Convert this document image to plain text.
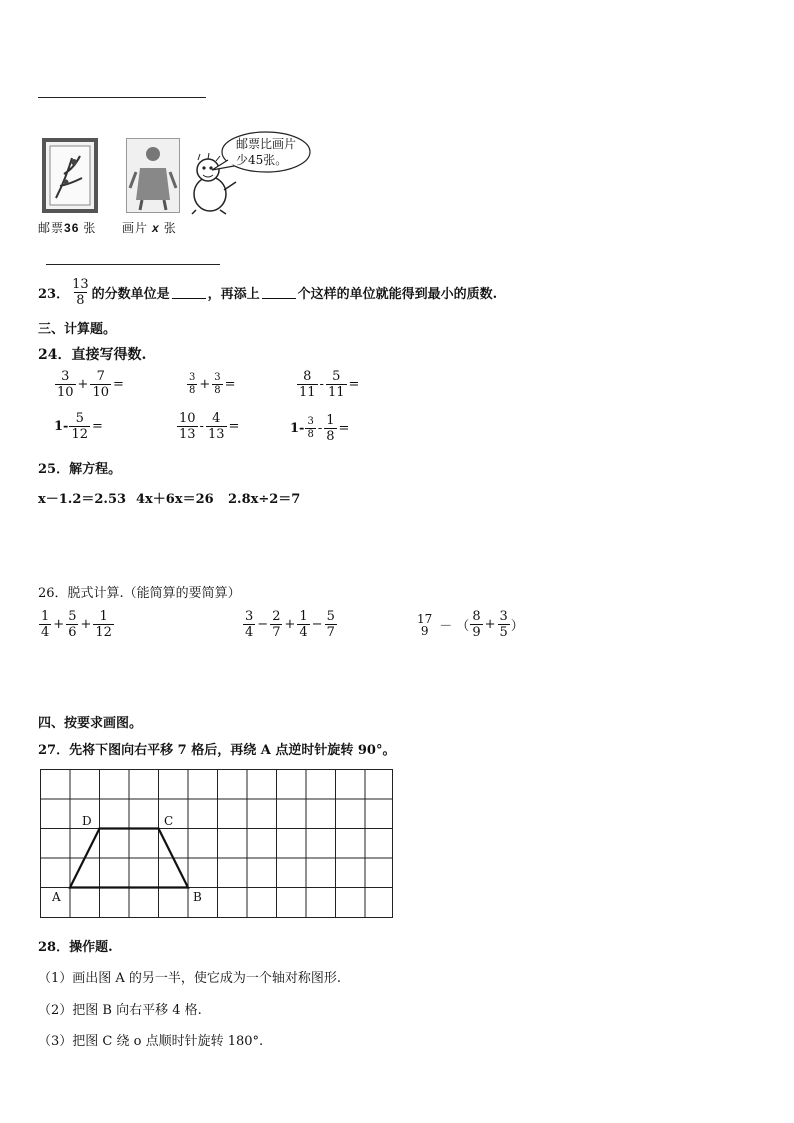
邮票36 张 画片 x 张
邮票比画片
少45张。
23． $\frac{13}{8}$ 的分数单位是	，再添上	个这样的单位就能得到最小的质数.
三、计算题。
24．直接写得数.
$\frac{3}{10} + \frac{7}{10}$ =	$\frac{3}{8} + \frac{3}{8}$ =	$\frac{8}{11} - \frac{5}{11}$ =
$1- \frac{5}{12}$ =	$\frac{10}{13} - \frac{4}{13}$ =	$1- \frac{3}{8} - \frac{1}{8}$ =
25．解方程。
x－1.2＝2.53 4x＋6x＝26 2.8x÷2＝7
26．脱式计算.（能简算的要简算）
$\frac{1}{4} + \frac{5}{6} + \frac{1}{12}$	$\frac{3}{4} - \frac{2}{7} + \frac{1}{4} - \frac{5}{7}$	17
9 － （ $\frac{8}{9} + \frac{3}{5}$ ）
四、按要求画图。
27．先将下图向右平移 7 格后，再绕 A 点逆时针旋转 90°。
A	B
C
D
28．操作题.
（1）画出图 A 的另一半，使它成为一个轴对称图形.
（2）把图 B 向右平移 4 格.
（3）把图 C 绕 o 点顺时针旋转 180°.
